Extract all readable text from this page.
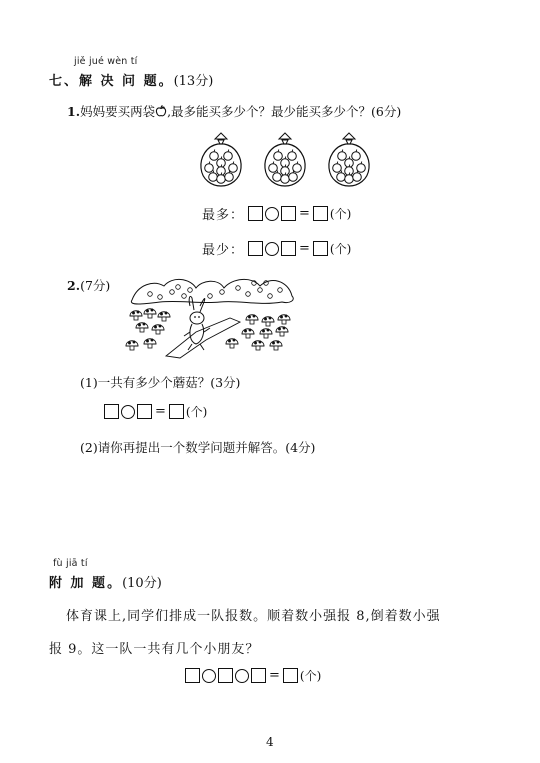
jiě jué wèn tí
七、解 决 问 题。(13分)
1.妈妈要买两袋 ,最多能买多少个？最少能买多少个？(6分)
最多：	= (个)
最少：	= (个)
2.(7分)
(1)一共有多少个蘑菇？(3分)
= (个)
(2)请你再提出一个数学问题并解答。(4分)
fù jiā tí
附 加 题。(10分)
体育课上,同学们排成一队报数。顺着数小强报 8,倒着数小强
报 9。这一队一共有几个小朋友？
= (个)
4
